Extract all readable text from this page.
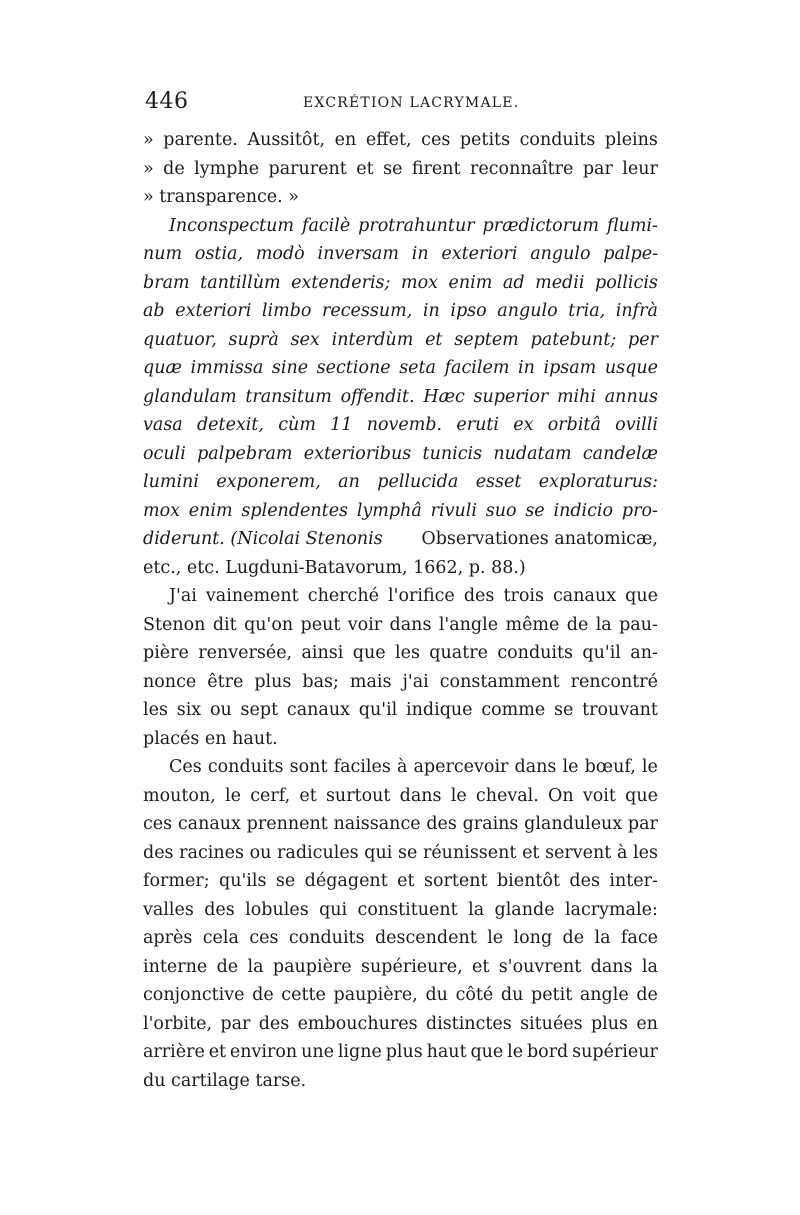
446	EXCRÉTION LACRYMALE.
» parente. Aussitôt, en effet, ces petits conduits pleins
» de lymphe parurent et se firent reconnaître par leur
» transparence. »
Inconspectum facilè protrahuntur prædictorum flumi-
num ostia, modò inversam in exteriori angulo palpe-
bram tantillùm extenderis; mox enim ad medii pollicis
ab exteriori limbo recessum, in ipso angulo tria, infrà
quatuor, suprà sex interdùm et septem patebunt; per
quæ immissa sine sectione seta facilem in ipsam usque
glandulam transitum offendit. Hæc superior mihi annus
vasa detexit, cùm 11 novemb. eruti ex orbitâ ovilli
oculi palpebram exterioribus tunicis nudatam candelæ
lumini exponerem, an pellucida esset exploraturus:
mox enim splendentes lymphâ rivuli suo se indicio pro-
diderunt. (Nicolai Stenonis Observationes anatomicæ,
etc., etc. Lugduni-Batavorum, 1662, p. 88.)
J'ai vainement cherché l'orifice des trois canaux que
Stenon dit qu'on peut voir dans l'angle même de la pau-
pière renversée, ainsi que les quatre conduits qu'il an-
nonce être plus bas; mais j'ai constamment rencontré
les six ou sept canaux qu'il indique comme se trouvant
placés en haut.
Ces conduits sont faciles à apercevoir dans le bœuf, le
mouton, le cerf, et surtout dans le cheval. On voit que
ces canaux prennent naissance des grains glanduleux par
des racines ou radicules qui se réunissent et servent à les
former; qu'ils se dégagent et sortent bientôt des inter-
valles des lobules qui constituent la glande lacrymale:
après cela ces conduits descendent le long de la face
interne de la paupière supérieure, et s'ouvrent dans la
conjonctive de cette paupière, du côté du petit angle de
l'orbite, par des embouchures distinctes situées plus en
arrière et environ une ligne plus haut que le bord supérieur
du cartilage tarse.
